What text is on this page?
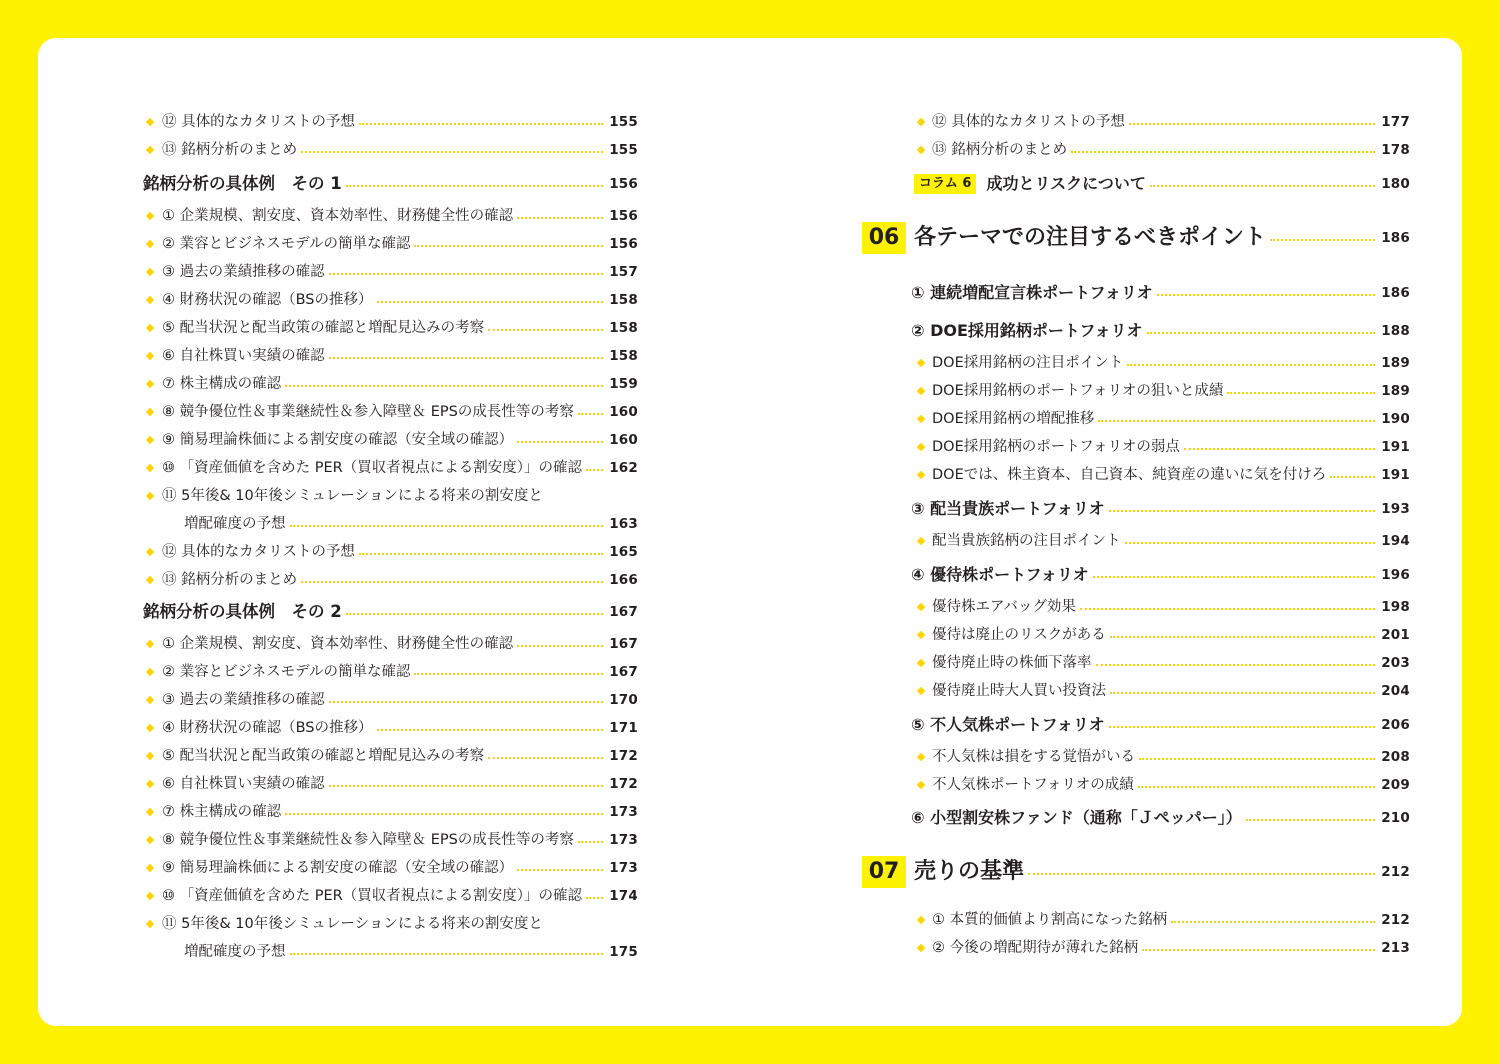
⑫ 具体的なカタリストの予想	155
⑬ 銘柄分析のまとめ	155
銘柄分析の具体例　その 1	156
① 企業規模、割安度、資本効率性、財務健全性の確認	156
② 業容とビジネスモデルの簡単な確認	156
③ 過去の業績推移の確認	157
④ 財務状況の確認（BSの推移）	158
⑤ 配当状況と配当政策の確認と増配見込みの考察	158
⑥ 自社株買い実績の確認	158
⑦ 株主構成の確認	159
⑧ 競争優位性＆事業継続性＆参入障壁＆ EPSの成長性等の考察	160
⑨ 簡易理論株価による割安度の確認（安全域の確認）	160
⑩ 「資産価値を含めた PER（買収者視点による割安度）」の確認 162
⑪ 5年後& 10年後シミュレーションによる将来の割安度と
増配確度の予想	163
⑫ 具体的なカタリストの予想	165
⑬ 銘柄分析のまとめ	166
銘柄分析の具体例　その 2	167
① 企業規模、割安度、資本効率性、財務健全性の確認	167
② 業容とビジネスモデルの簡単な確認	167
③ 過去の業績推移の確認	170
④ 財務状況の確認（BSの推移）	171
⑤ 配当状況と配当政策の確認と増配見込みの考察	172
⑥ 自社株買い実績の確認	172
⑦ 株主構成の確認	173
⑧ 競争優位性＆事業継続性＆参入障壁＆ EPSの成長性等の考察	173
⑨ 簡易理論株価による割安度の確認（安全域の確認）	173
⑩ 「資産価値を含めた PER（買収者視点による割安度）」の確認 174
⑪ 5年後& 10年後シミュレーションによる将来の割安度と
増配確度の予想	175
⑫ 具体的なカタリストの予想	177
⑬ 銘柄分析のまとめ	178
コラム 6 成功とリスクについて	180
06 各テーマでの注目するべきポイント	186
① 連続増配宣言株ポートフォリオ	186
② DOE採用銘柄ポートフォリオ	188
DOE採用銘柄の注目ポイント	189
DOE採用銘柄のポートフォリオの狙いと成績	189
DOE採用銘柄の増配推移	190
DOE採用銘柄のポートフォリオの弱点	191
DOEでは、株主資本、自己資本、純資産の違いに気を付けろ	191
③ 配当貴族ポートフォリオ	193
配当貴族銘柄の注目ポイント	194
④ 優待株ポートフォリオ	196
優待株エアバッグ効果	198
優待は廃止のリスクがある	201
優待廃止時の株価下落率	203
優待廃止時大人買い投資法	204
⑤ 不人気株ポートフォリオ	206
不人気株は損をする覚悟がいる	208
不人気株ポートフォリオの成績	209
⑥ 小型割安株ファンド（通称「Ｊペッパー」）	210
07 売りの基準	212
① 本質的価値より割高になった銘柄	212
② 今後の増配期待が薄れた銘柄	213
